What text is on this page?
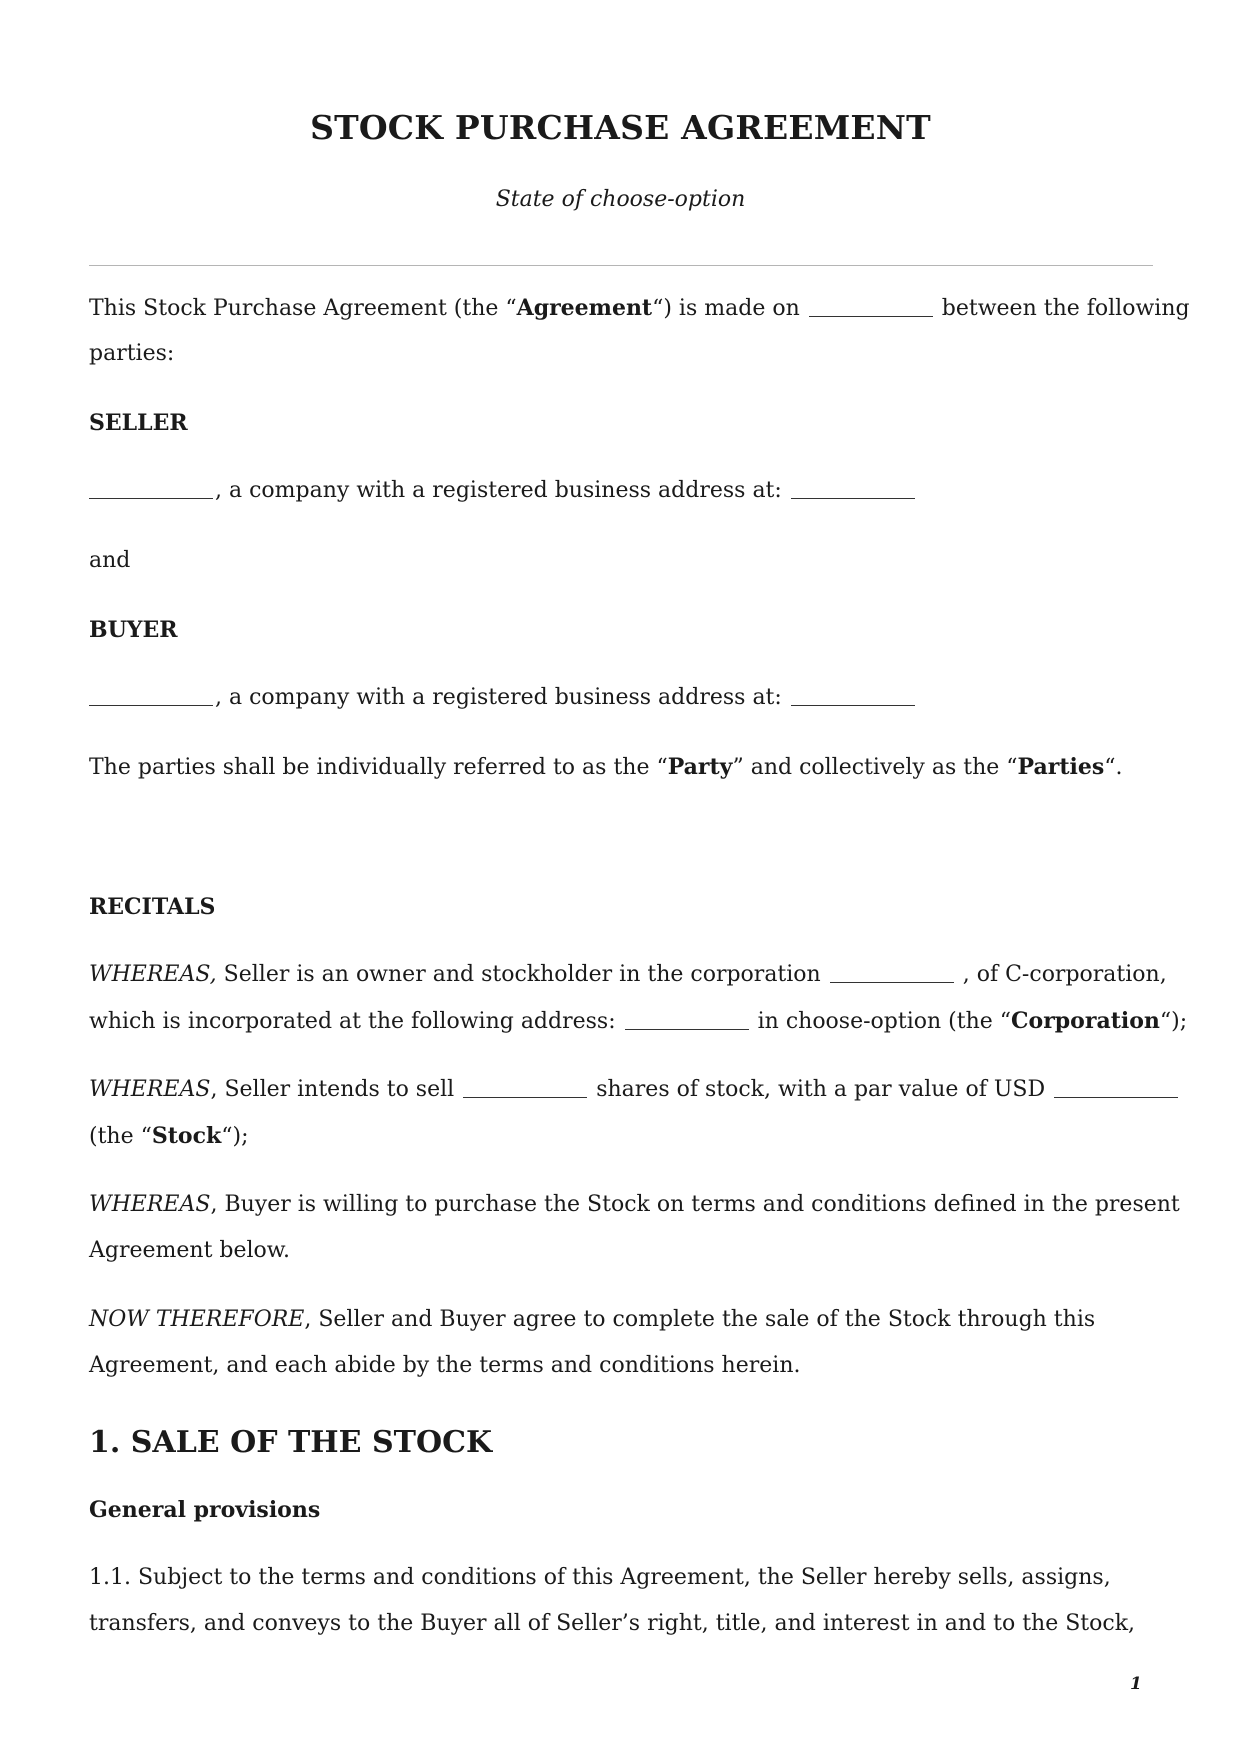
STOCK PURCHASE AGREEMENT
State of choose-option
This Stock Purchase Agreement (the “Agreement“) is made on	between the following
parties:
SELLER
, a company with a registered business address at:
and
BUYER
, a company with a registered business address at:
The parties shall be individually referred to as the “Party” and collectively as the “Parties“.
RECITALS
WHEREAS, Seller is an owner and stockholder in the corporation	, of C-corporation,
which is incorporated at the following address:	in choose-option (the “Corporation“);
WHEREAS, Seller intends to sell	shares of stock, with a par value of USD
(the “Stock“);
WHEREAS, Buyer is willing to purchase the Stock on terms and conditions defined in the present
Agreement below.
NOW THEREFORE, Seller and Buyer agree to complete the sale of the Stock through this
Agreement, and each abide by the terms and conditions herein.
1. SALE OF THE STOCK
General provisions
1.1. Subject to the terms and conditions of this Agreement, the Seller hereby sells, assigns,
transfers, and conveys to the Buyer all of Seller’s right, title, and interest in and to the Stock,
1
